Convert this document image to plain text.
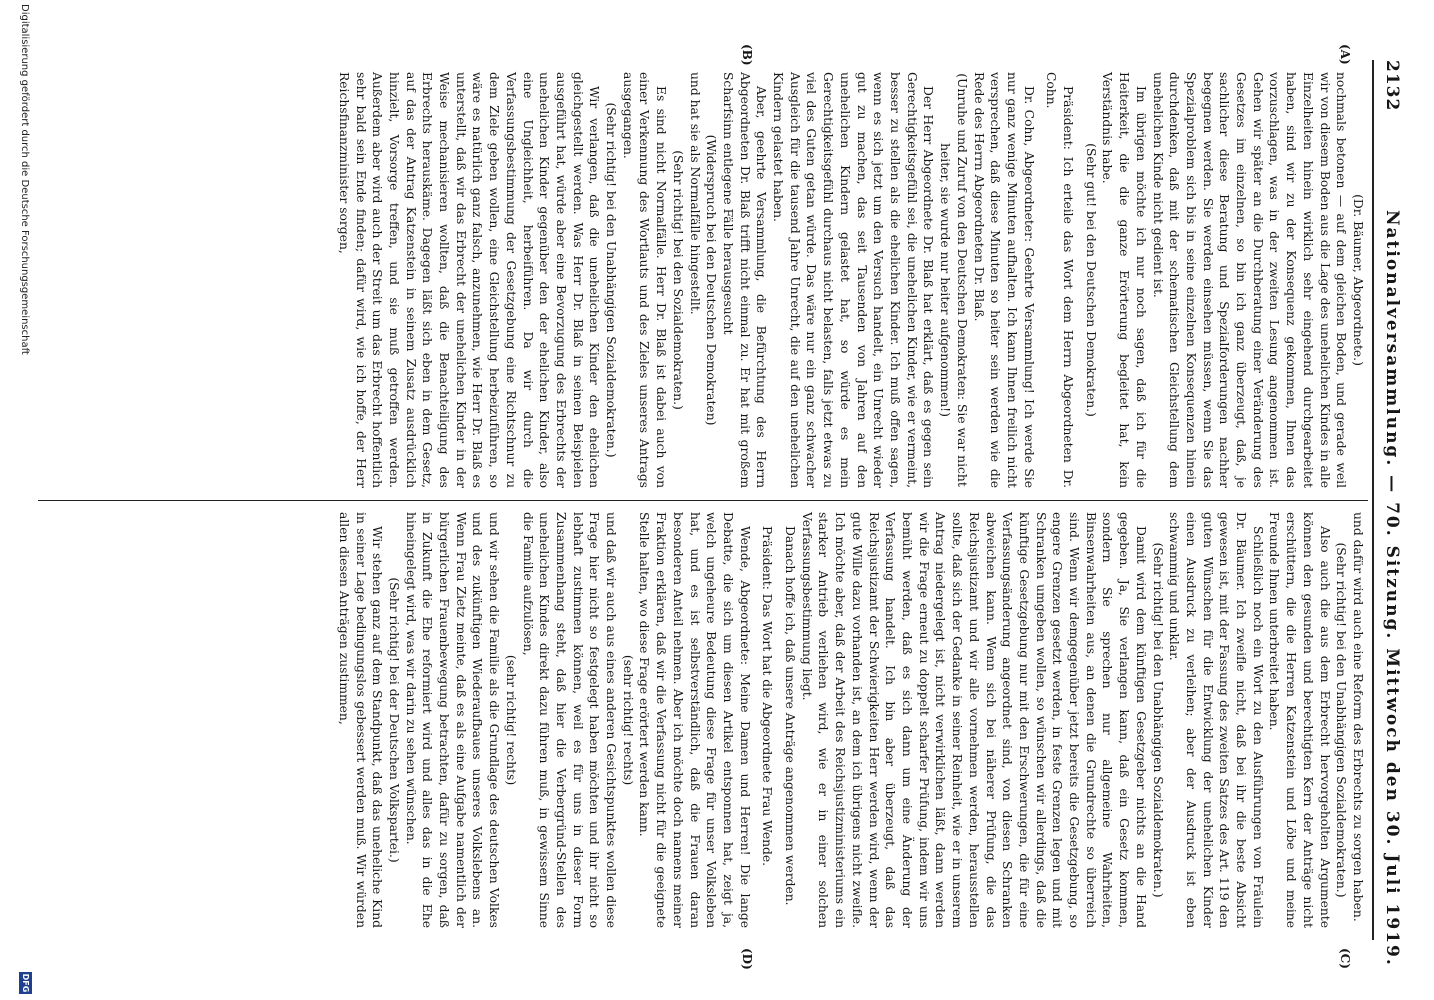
2132
Nationalversammlung. — 70. Sitzung. Mittwoch den 30. Juli 1919.
(A)
(B)
(C)
(D)

(Dr. Bäumer, Abgeordnete.)

nochmals betonen — auf dem gleichen Boden, und gerade weil wir von diesem Boden aus die Lage des unehelichen Kindes in alle Einzelheiten hinein wirklich sehr eingehend durchgearbeitet haben, sind wir zu der Konsequenz gekommen, Ihnen das vorzuschlagen, was in der zweiten Lesung angenommen ist. Gehen wir später an die Durchberatung einer Veränderung des Gesetzes im einzelnen, so bin ich ganz überzeugt, daß, je sachlicher diese Beratung und Spezialforderungen nachher begegnen werden. Sie werden einsehen müssen, wenn Sie das Spezialproblem sich bis in seine einzelnen Konsequenzen hinein durchdenken, daß mit der schematischen Gleichstellung dem unehelichen Kinde nicht gedient ist.

Im übrigen möchte ich nur noch sagen, daß ich für die Heiterkeit, die die ganze Erörterung begleitet hat, kein Verständnis habe.

(Sehr gut! bei den Deutschen Demokraten.)

Präsident: Ich erteile das Wort dem Herrn Abgeordneten Dr. Cohn.

Dr. Cohn, Abgeordneter: Geehrte Versammlung! Ich werde Sie nur ganz wenige Minuten aufhalten. Ich kann Ihnen freilich nicht versprechen, daß diese Minuten so heiter sein werden wie die Rede des Herrn Abgeordneten Dr. Blaß.

(Unruhe und Zuruf von den Deutschen Demokraten: Sie war nicht heiter, sie wurde nur heiter aufgenommen!)

Der Herr Abgeordnete Dr. Blaß hat erklärt, daß es gegen sein Gerechtigkeitsgefühl sei, die unehelichen Kinder, wie er vermeint, besser zu stellen als die ehelichen Kinder. Ich muß offen sagen, wenn es sich jetzt um den Versuch handelt, ein Unrecht wieder gut zu machen, das seit Tausenden von Jahren auf den unehelichen Kindern gelastet hat, so würde es mein Gerechtigkeitsgefühl durchaus nicht belasten, falls jetzt etwas zu viel des Guten getan würde. Das wäre nur ein ganz schwacher Ausgleich für die tausend Jahre Unrecht, die auf den unehelichen Kindern gelastet haben.

Aber, geehrte Versammlung, die Befürchtung des Herrn Abgeordneten Dr. Blaß trifft nicht einmal zu. Er hat mit großem Scharfsinn entlegene Fälle herausgesucht

(Widerspruch bei den Deutschen Demokraten)

und hat sie als Normalfälle hingestellt.

(Sehr richtig! bei den Sozialdemokraten.)

Es sind nicht Normalfälle. Herr Dr. Blaß ist dabei auch von einer Verkennung des Wortlauts und des Zieles unseres Antrags ausgegangen.

(Sehr richtig! bei den Unabhängigen Sozialdemokraten.)

Wir verlangen, daß die unehelichen Kinder den ehelichen gleichgestellt werden. Was Herr Dr. Blaß in seinen Beispielen ausgeführt hat, würde aber eine Bevorzugung des Erbrechts der unehelichen Kinder gegenüber den der ehelichen Kinder, also eine Ungleichheit, herbeiführen. Da wir durch die Verfassungsbestimmung der Gesetzgebung eine Richtschnur zu dem Ziele geben wollen, eine Gleichstellung herbeizuführen, so wäre es natürlich ganz falsch, anzunehmen, wie Herr Dr. Blaß es unterstellt, daß wir das Erbrecht der unehelichen Kinder in der Weise mechanisieren wollten, daß die Benachteiligung des Erbrechts herauskäme. Dagegen läßt sich eben in dem Gesetz, auf das der Antrag Katzenstein in seinem Zusatz ausdrücklich hinzielt, Vorsorge treffen, und sie muß getroffen werden. Außerdem aber wird auch der Streit um das Erbrecht hoffentlich sehr bald sein Ende finden; dafür wird, wie ich hoffe, der Herr Reichsfinanzminister sorgen,

und dafür wird auch eine Reform des Erbrechts zu sorgen haben.

(Sehr richtig! bei den Unabhängigen Sozialdemokraten.)

Also auch die aus dem Erbrecht hervorgeholten Argumente können den gesunden und berechtigten Kern der Anträge nicht erschüttern, die die Herren Katzenstein und Löbe und meine Freunde Ihnen unterbreitet haben.

Schließlich noch ein Wort zu den Ausführungen von Fräulein Dr. Bäumer. Ich zweifle nicht, daß bei ihr die beste Absicht gewesen ist, mit der Fassung des zweiten Satzes des Art. 119 den guten Wünschen für die Entwicklung der unehelichen Kinder einen Ausdruck zu verleihen; aber der Ausdruck ist eben schwammig und unklar.

(Sehr richtig! bei den Unabhängigen Sozialdemokraten.)

Damit wird dem künftigen Gesetzgeber nichts an die Hand gegeben. Ja, Sie verlangen kann, daß ein Gesetz kommen, sondern Sie sprechen nur allgemeine Wahrheiten, Binsenwahrheiten aus, an denen die Grundrechte so überreich sind. Wenn wir demgegenüber jetzt bereits die Gesetzgebung, so engere Grenzen gesetzt werden, in feste Grenzen legen und mit Schranken umgeben wollen, so wünschen wir allerdings, daß die künftige Gesetzgebung nur mit den Erschwerungen, die für eine Verfassungsänderung angeordnet sind, von diesen Schranken abweichen kann. Wenn sich bei näherer Prüfung, die das Reichsjustizamt und wir alle vornehmen werden, herausstellen sollte, daß sich der Gedanke in seiner Reinheit, wie er in unserem Antrag niedergelegt ist, nicht verwirklichen läßt, dann werden wir die Frage erneut zu doppelt scharfer Prüfung, indem wir uns bemüht werden, daß es sich dann um eine Änderung der Verfassung handelt. Ich bin aber überzeugt, daß das Reichsjustizamt der Schwierigkeiten Herr werden wird, wenn der gute Wille dazu vorhanden ist, an dem ich übrigens nicht zweifle. Ich möchte aber, daß der Arbeit des Reichsjustizministeriums ein starker Antrieb verliehen wird, wie er in einer solchen Verfassungsbestimmung liegt.

Danach hoffe ich, daß unsere Anträge angenommen werden.

Präsident: Das Wort hat die Abgeordnete Frau Wende.

Wende, Abgeordnete: Meine Damen und Herren! Die lange Debatte, die sich um diesen Artikel entsponnen hat, zeigt ja, welch ungeheure Bedeutung diese Frage für unser Volksleben hat, und es ist selbstverständlich, daß die Frauen daran besonderen Anteil nehmen. Aber ich möchte doch namens meiner Fraktion erklären, daß wir die Verfassung nicht für die geeignete Stelle halten, wo diese Frage erörtert werden kann.

(sehr richtig! rechts)

und daß wir auch aus eines anderen Gesichtspunktes wollen diese Frage hier nicht so festgelegt haben möchten und ihr nicht so lebhaft zustimmen können, weil es für uns in dieser Form Zusammenhang steht, daß hier die Verbergründ-Stellen des unehelichen Kindes direkt dazu führen muß, in gewissem Sinne die Familie aufzulösen,

(sehr richtig! rechts)

und wir sehen die Familie als die Grundlage des deutschen Volkes und des zukünftigen Wiederaufbaues unseres Volkslebens an. Wenn Frau Zietz meinte, daß es als eine Aufgabe namentlich der bürgerlichen Frauenbewegung betrachten, dafür zu sorgen, daß in Zukunft die Ehe reformiert wird und alles das in die Ehe hineingelegt wird, was wir darin zu sehen wünschen.

(Sehr richtig! bei der Deutschen Volkspartei.)

Wir stehen ganz auf dem Standpunkt, daß das uneheliche Kind in seiner Lage bedingungslos gebessert werden muß. Wir würden allen diesen Anträgen zustimmen,

Digitalisierung gefördert durch die Deutsche Forschungsgemeinschaft
DFG
